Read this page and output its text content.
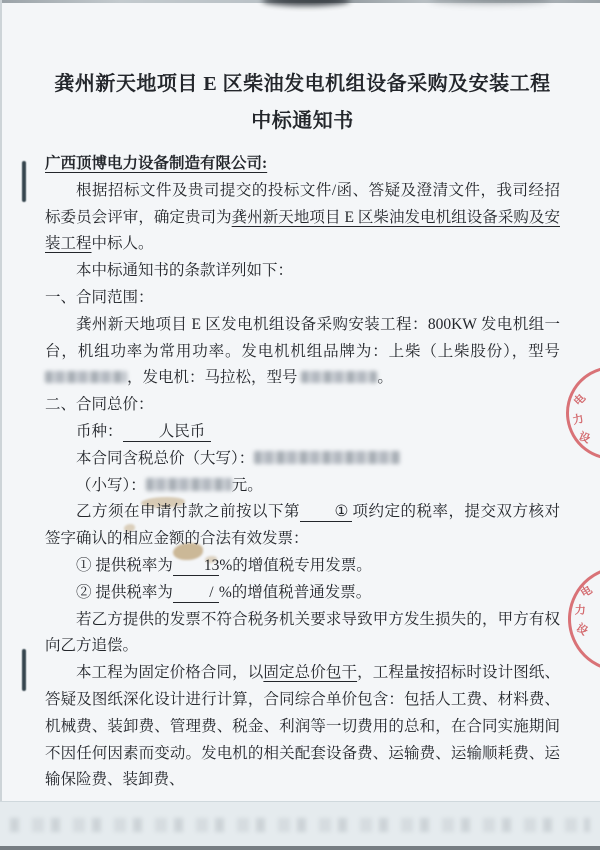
电
力
设
电
力
设
龚州新天地项目 E 区柴油发电机组设备采购及安装工程
中标通知书

广西顶博电力设备制造有限公司:

根据招标文件及贵司提交的投标文件/函、答疑及澄清文件，我司经招标委员会评审，确定贵司为龚州新天地项目 E 区柴油发电机组设备采购及安装工程中标人。

本中标通知书的条款详列如下：

一、合同范围：

龚州新天地项目 E 区发电机组设备采购安装工程：800KW 发电机组一台，机组功率为常用功率。发电机机组品牌为：上柴（上柴股份），型号 ，发电机：马拉松，型号	。

二、合同总价：

币种： 人民币

本合同含税总价（大写）：

（小写）：	元。

乙方须在申请付款之前按以下第 ① 项约定的税率，提交双方核对签字确认的相应金额的合法有效发票：

① 提供税率为 13%的增值税专用发票。

② 提供税率为 / %的增值税普通发票。

若乙方提供的发票不符合税务机关要求导致甲方发生损失的，甲方有权向乙方追偿。

本工程为固定价格合同，以固定总价包干，工程量按招标时设计图纸、答疑及图纸深化设计进行计算，合同综合单价包含：包括人工费、材料费、机械费、装卸费、管理费、税金、利润等一切费用的总和，在合同实施期间不因任何因素而变动。发电机的相关配套设备费、运输费、运输顺耗费、运输保险费、装卸费、
